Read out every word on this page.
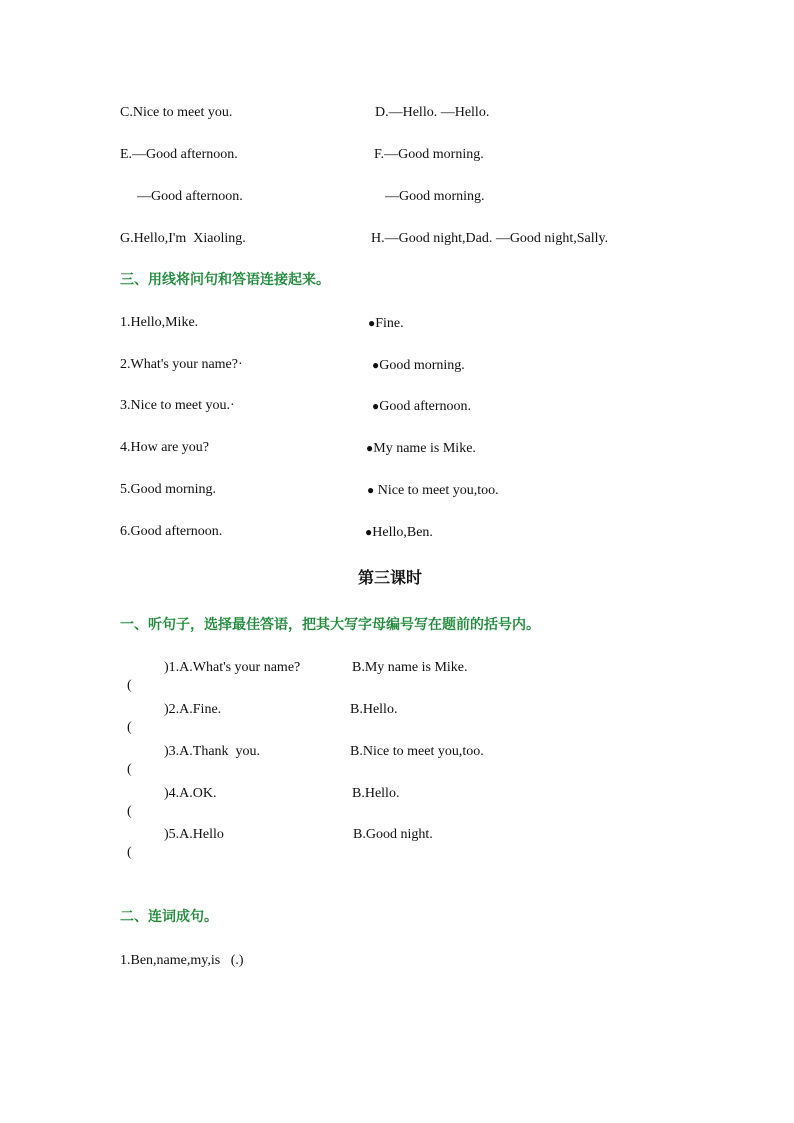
C.Nice to meet you.	D.—Hello. —Hello.
E.—Good afternoon.	F.—Good morning.
—Good afternoon.	—Good morning.
G.Hello,I'm  Xiaoling.	H.—Good night,Dad. —Good night,Sally.
三、用线将问句和答语连接起来。
1.Hello,Mike.	●Fine.
2.What's your name?·	●Good morning.
3.Nice to meet you.·	●Good afternoon.
4.How are you?	●My name is Mike.
5.Good morning.	● Nice to meet you,too.
6.Good afternoon.	●Hello,Ben.
第三课时
一、听句子，选择最佳答语，把其大写字母编号写在题前的括号内。

(

)1.A.What's your name?	B.My name is Mike.

(

)2.A.Fine.	B.Hello.

(

)3.A.Thank  you.	B.Nice to meet you,too.

(

)4.A.OK.	B.Hello.

(

)5.A.Hello	B.Good night.
二、连词成句。
1.Ben,name,my,is   (.)
